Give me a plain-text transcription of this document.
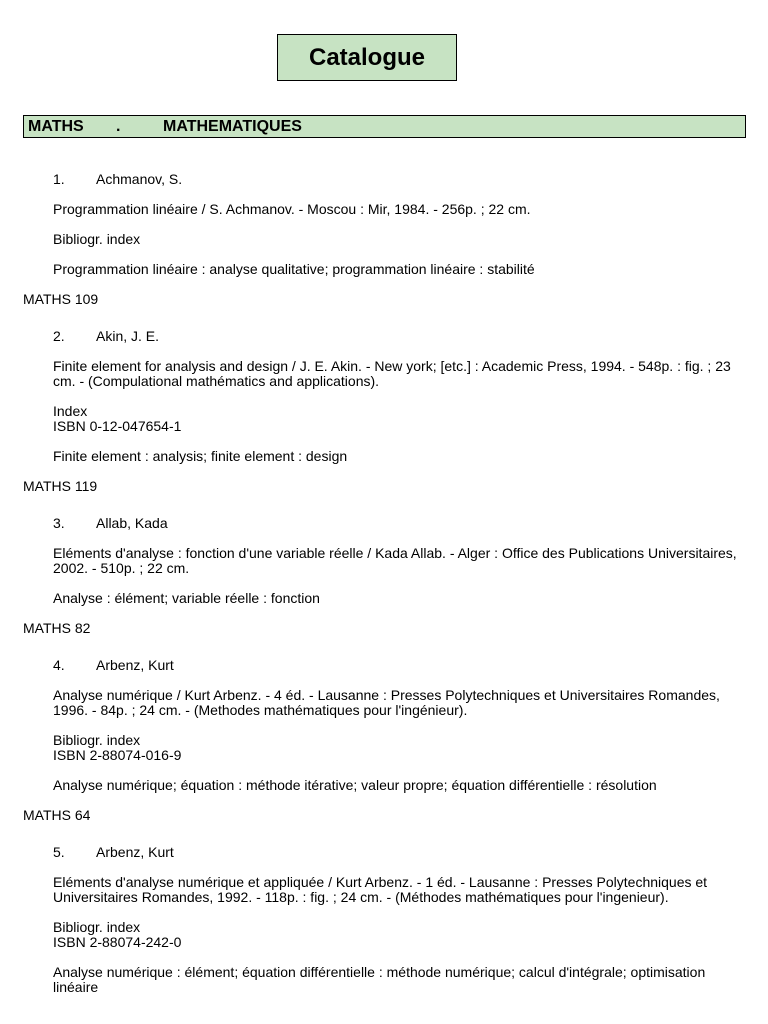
Catalogue
MATHS .	MATHEMATIQUES
1. Achmanov, S.
Programmation linéaire / S. Achmanov. - Moscou : Mir, 1984. - 256p. ; 22 cm.
Bibliogr. index
Programmation linéaire : analyse qualitative; programmation linéaire : stabilité
MATHS 109
2. Akin, J. E.
Finite element for analysis and design / J. E. Akin. - New york; [etc.] : Academic Press, 1994. - 548p. : fig. ; 23 cm. - (Compulational mathématics and applications).
Index
ISBN 0-12-047654-1
Finite element : analysis; finite element : design
MATHS 119
3. Allab, Kada
Eléments d'analyse : fonction d'une variable réelle / Kada Allab. - Alger : Office des Publications Universitaires, 2002. - 510p. ; 22 cm.
Analyse : élément; variable réelle : fonction
MATHS 82
4. Arbenz, Kurt
Analyse numérique / Kurt Arbenz. - 4 éd. - Lausanne : Presses Polytechniques et Universitaires Romandes, 1996. - 84p. ; 24 cm. - (Methodes mathématiques pour l'ingénieur).
Bibliogr. index
ISBN 2-88074-016-9
Analyse numérique; équation : méthode itérative; valeur propre; équation différentielle : résolution
MATHS 64
5. Arbenz, Kurt
Eléments d'analyse numérique et appliquée / Kurt Arbenz. - 1 éd. - Lausanne : Presses Polytechniques et Universitaires Romandes, 1992. - 118p. : fig. ; 24 cm. - (Méthodes mathématiques pour l'ingenieur).
Bibliogr. index
ISBN 2-88074-242-0
Analyse numérique : élément; équation différentielle : méthode numérique; calcul d'intégrale; optimisation linéaire
